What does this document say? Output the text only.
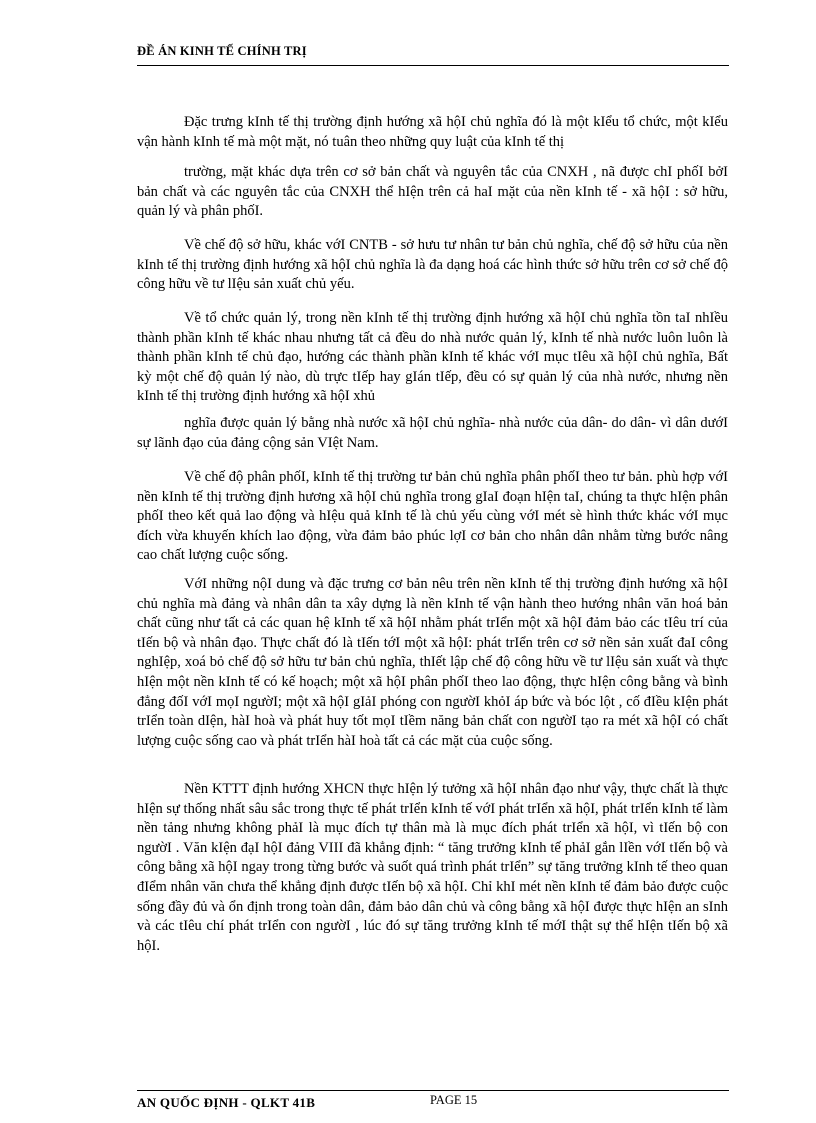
ĐỀ ÁN KINH TẾ CHÍNH TRỊ

Đặc trưng kInh tế thị trường định hướng xã hộI chủ nghĩa đó là một kIểu tổ chức, một kIểu vận hành kInh tế mà một mặt, nó tuân theo những quy luật của kInh tế thị

trường, mặt khác dựa trên cơ sở bản chất và nguyên tắc của CNXH , nã được chI phốI bởI bản chất và các nguyên tắc của CNXH thể hIện trên cả haI mặt của nền kInh tế - xã hộI : sở hữu, quản lý và phân phốI.

Về chế độ sở hữu, khác vớI CNTB - sở hưu tư nhân tư bản chủ nghĩa, chế độ sở hữu của nền kInh tế thị trường định hướng xã hộI chủ nghĩa là đa dạng hoá các hình thức sở hữu trên cơ sở chế độ công hữu về tư lIệu sản xuất chủ yếu.

Về tổ chức quản lý, trong nền kInh tế thị trường định hướng xã hộI chủ nghĩa tồn taI nhIều thành phần kInh tế khác nhau nhưng tất cả đều do nhà nước quản lý, kInh tế nhà nước luôn luôn là thành phần kInh tế chủ đạo, hướng các thành phần kInh tế khác vớI mục tIêu xã hộI chủ nghĩa, Bất kỳ một chế độ quản lý nào, dù trực tIếp hay gIán tIếp, đều có sự quản lý của nhà nước, nhưng nền kInh tế thị trường định hướng xã hộI xhủ

nghĩa được quản lý bằng nhà nước xã hộI chủ nghĩa- nhà nước của dân- do dân- vì dân dướI sự lãnh đạo của đảng cộng sản VIệt Nam.

Về chế độ phân phốI, kInh tế thị trường tư bản chủ nghĩa phân phốI theo tư bản. phù hợp vớI nền kInh tế thị trường định hương xã hộI chủ nghĩa trong gIaI đoạn hIện taI, chúng ta thực hIện phân phốI theo kết quả lao động và hIệu quả kInh tế là chủ yếu cùng vớI mét sè hình thức khác vớI mục đích vừa khuyến khích lao động, vừa đảm bảo phúc lợI cơ bản cho nhân dân nhằm từng bước nâng cao chất lượng cuộc sống.

VớI những nộI dung và đặc trưng cơ bản nêu trên nền kInh tế thị trường định hướng xã hộI chủ nghĩa mà đảng và nhân dân ta xây dựng là nền kInh tế vận hành theo hướng nhân văn hoá bản chất cũng như tất cả các quan hệ kInh tế xã hộI nhằm phát trIển một xã hộI đảm bảo các tIêu trí của tIến bộ và nhân đạo. Thực chất đó là tIến tớI một xã hộI: phát trIển trên cơ sở nền sản xuất đaI công nghIệp, xoá bỏ chế độ sở hữu tư bản chủ nghĩa, thIết lập chế độ công hữu về tư lIệu sản xuất và thực hIện một nền kInh tế có kế hoạch; một xã hộI phân phốI theo lao động, thực hIện công bằng và bình đẳng đốI vớI mọI ngườI; một xã hộI gIảI phóng con ngườI khỏI áp bức và bóc lột , cố đIều kIện phát trIển toàn dIện, hàI hoà và phát huy tốt mọI tIềm năng bản chất con ngườI tạo ra mét xã hộI có chất lượng cuộc sống cao và phát trIển hàI hoà tất cả các mặt của cuộc sống.

Nền KTTT định hướng XHCN thực hIện lý tưởng xã hộI nhân đạo như vậy, thực chất là thực hIện sự thống nhất sâu sắc trong thực tế phát trIển kInh tế vớI phát trIển xã hộI, phát trIển kInh tế làm nền tảng nhưng không phảI là mục đích tự thân mà là mục đích phát trIển xã hộI, vì tIến bộ con ngườI . Văn kIện đạI hộI đảng VIII đã khẳng định: “ tăng trưởng kInh tế phảI gắn lIền vớI tIến bộ và công bằng xã hộI ngay trong từng bước và suốt quá trình phát trIển” sự tăng trưởng kInh tế theo quan đIểm nhân văn chưa thể khẳng định được tIến bộ xã hộI. Chỉ khI mét nền kInh tế đảm bảo được cuộc sống đầy đủ và ổn định trong toàn dân, đảm bảo dân chủ và công bằng xã hộI được thực hIện an sInh và các tIêu chí phát trIển con ngườI , lúc đó sự tăng trưởng kInh tế mớI thật sự thể hIện tIến bộ xã hộI.

AN QUỐC ĐỊNH - QLKT 41B	PAGE 15
